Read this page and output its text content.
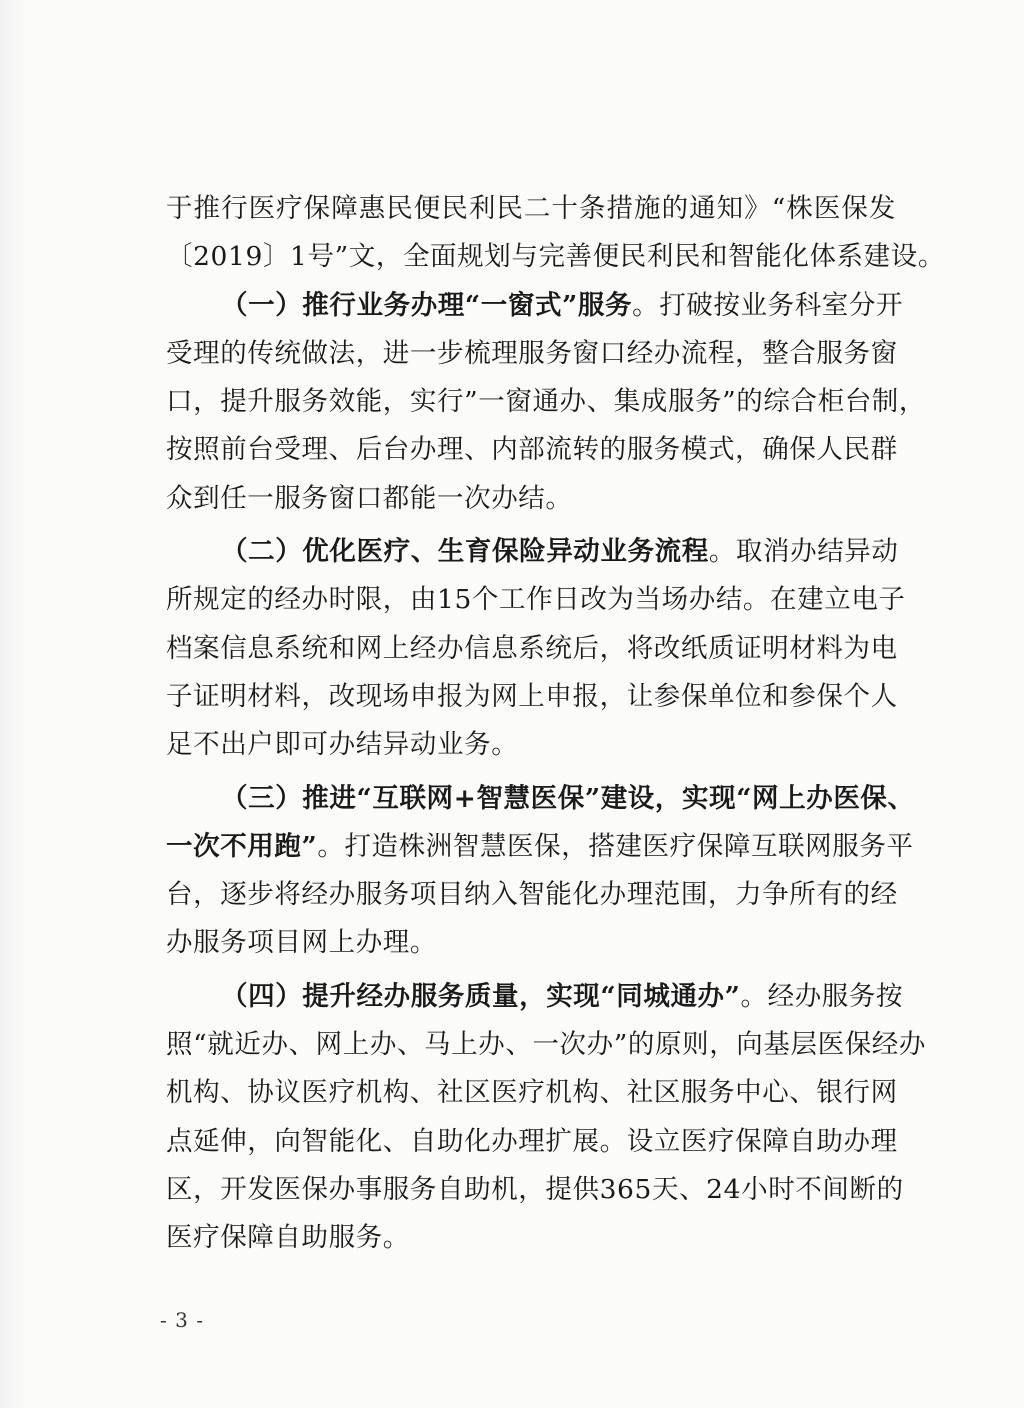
于推行医疗保障惠民便民利民二十条措施的通知》“株医保发
〔2019〕1号”文，全面规划与完善便民利民和智能化体系建设。
（一）推行业务办理“一窗式”服务。打破按业务科室分开
受理的传统做法，进一步梳理服务窗口经办流程，整合服务窗
口，提升服务效能，实行”一窗通办、集成服务”的综合柜台制，
按照前台受理、后台办理、内部流转的服务模式，确保人民群
众到任一服务窗口都能一次办结。
（二）优化医疗、生育保险异动业务流程。取消办结异动
所规定的经办时限，由15个工作日改为当场办结。在建立电子
档案信息系统和网上经办信息系统后，将改纸质证明材料为电
子证明材料，改现场申报为网上申报，让参保单位和参保个人
足不出户即可办结异动业务。
（三）推进“互联网+智慧医保”建设，实现“网上办医保、
一次不用跑”。打造株洲智慧医保，搭建医疗保障互联网服务平
台，逐步将经办服务项目纳入智能化办理范围，力争所有的经
办服务项目网上办理。
（四）提升经办服务质量，实现“同城通办”。经办服务按
照“就近办、网上办、马上办、一次办”的原则，向基层医保经办
机构、协议医疗机构、社区医疗机构、社区服务中心、银行网
点延伸，向智能化、自助化办理扩展。设立医疗保障自助办理
区，开发医保办事服务自助机，提供365天、24小时不间断的
医疗保障自助服务。
- 3 -
